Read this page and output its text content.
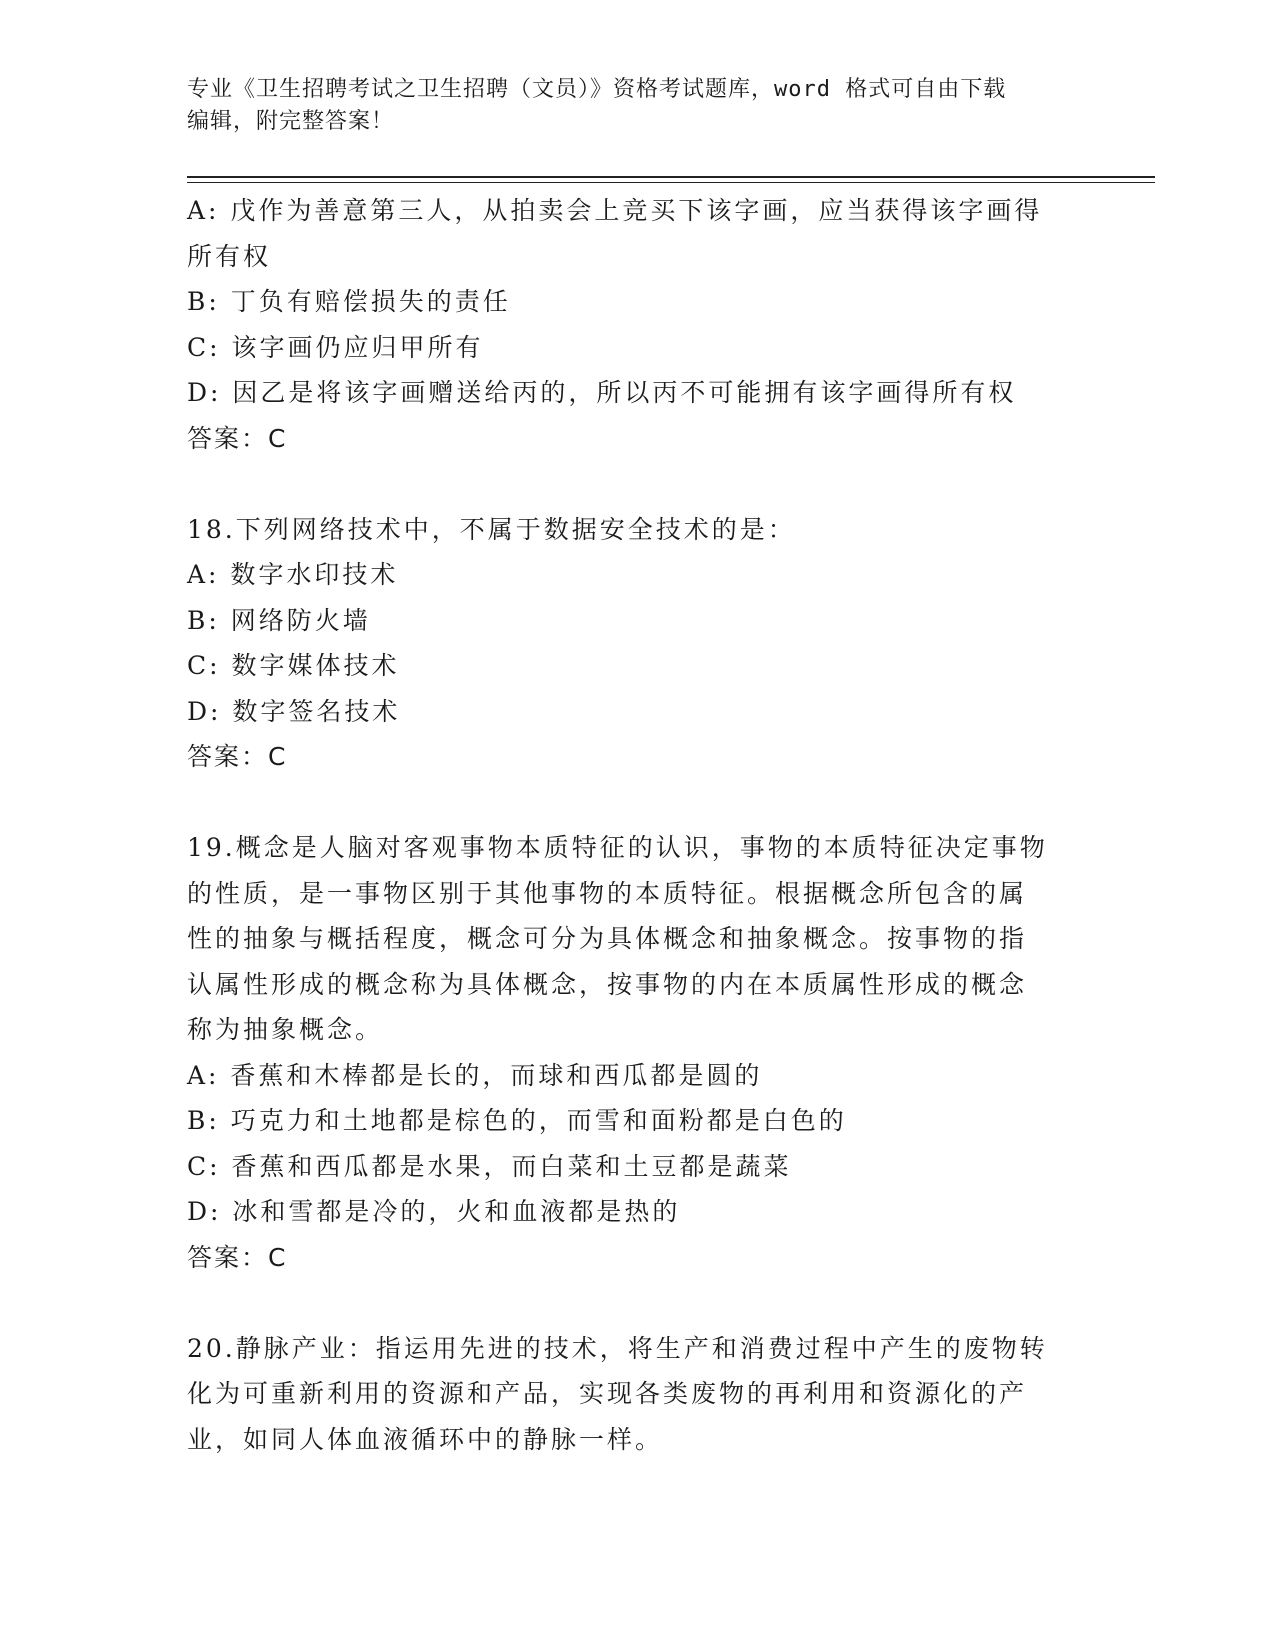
专业《卫生招聘考试之卫生招聘（文员）》资格考试题库，word 格式可自由下载
编辑，附完整答案！
A: 戊作为善意第三人，从拍卖会上竞买下该字画，应当获得该字画得
所有权
B: 丁负有赔偿损失的责任
C: 该字画仍应归甲所有
D: 因乙是将该字画赠送给丙的，所以丙不可能拥有该字画得所有权
答案：C
18.下列网络技术中，不属于数据安全技术的是：
A: 数字水印技术
B: 网络防火墙
C: 数字媒体技术
D: 数字签名技术
答案：C
19.概念是人脑对客观事物本质特征的认识，事物的本质特征决定事物
的性质，是一事物区别于其他事物的本质特征。根据概念所包含的属
性的抽象与概括程度，概念可分为具体概念和抽象概念。按事物的指
认属性形成的概念称为具体概念，按事物的内在本质属性形成的概念
称为抽象概念。
A: 香蕉和木棒都是长的，而球和西瓜都是圆的
B: 巧克力和土地都是棕色的，而雪和面粉都是白色的
C: 香蕉和西瓜都是水果，而白菜和土豆都是蔬菜
D: 冰和雪都是冷的，火和血液都是热的
答案：C
20.静脉产业：指运用先进的技术，将生产和消费过程中产生的废物转
化为可重新利用的资源和产品，实现各类废物的再利用和资源化的产
业，如同人体血液循环中的静脉一样。
